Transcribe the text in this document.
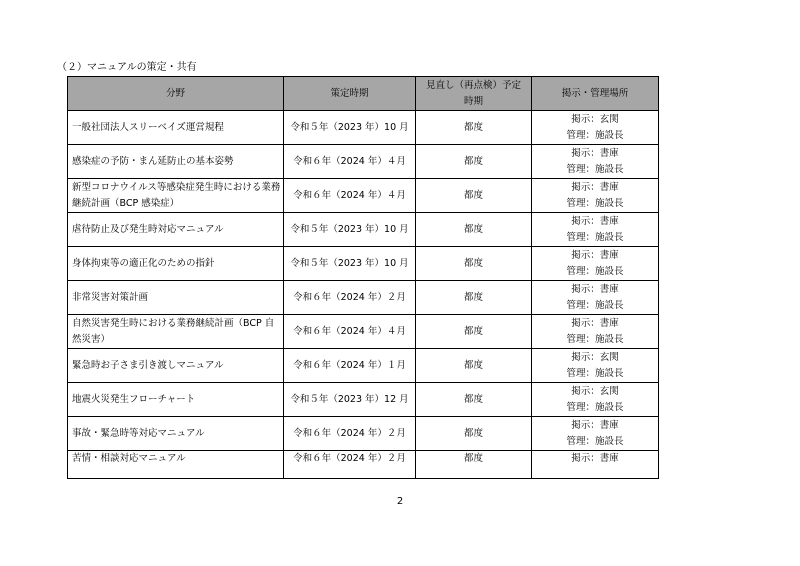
（２）マニュアルの策定・共有
分野	策定時期	見直し（再点検）予定
時期	掲示・管理場所
一般社団法人スリーベイズ運営規程	令和５年（2023 年）10 月	都度	掲示：玄関
管理：施設長

感染症の予防・まん延防止の基本姿勢	令和６年（2024 年）４月	都度	掲示：書庫
管理：施設長

新型コロナウイルス等感染症発生時における業務継続計画（BCP 感染症）	令和６年（2024 年）４月	都度	掲示：書庫
管理：施設長

虐待防止及び発生時対応マニュアル	令和５年（2023 年）10 月	都度	掲示：書庫
管理：施設長

身体拘束等の適正化のための指針	令和５年（2023 年）10 月	都度	掲示：書庫
管理：施設長

非常災害対策計画	令和６年（2024 年）２月	都度	掲示：書庫
管理：施設長

自然災害発生時における業務継続計画（BCP 自然災害）	令和６年（2024 年）４月	都度	掲示：書庫
管理：施設長

緊急時お子さま引き渡しマニュアル	令和６年（2024 年）１月	都度	掲示：玄関
管理：施設長

地震火災発生フローチャート	令和５年（2023 年）12 月	都度	掲示：玄関
管理：施設長

事故・緊急時等対応マニュアル	令和６年（2024 年）２月	都度	掲示：書庫
管理：施設長

苦情・相談対応マニュアル	令和６年（2024 年）２月	都度	掲示：書庫
2
